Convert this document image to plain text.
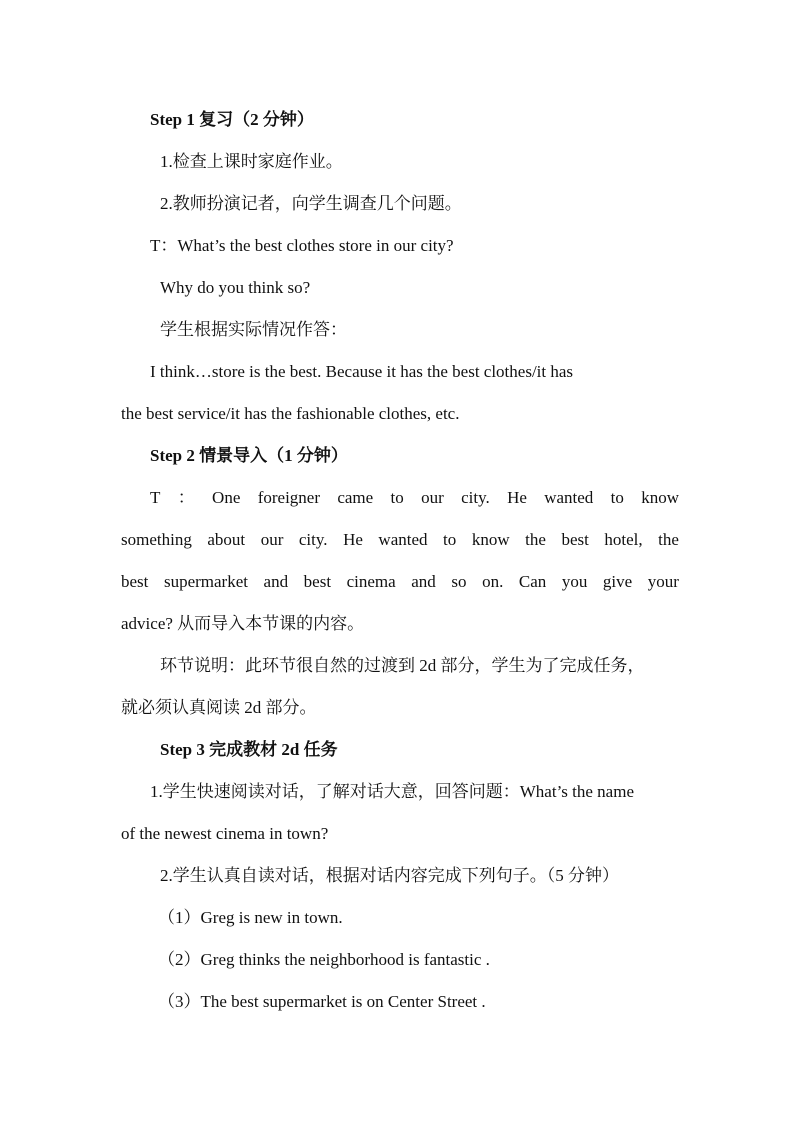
Step 1 复习（2 分钟）
1.检查上课时家庭作业。
2.教师扮演记者，向学生调查几个问题。
T：What’s the best clothes store in our city?
Why do you think so?
学生根据实际情况作答：
I think…store is the best. Because it has the best clothes/it has
the best service/it has the fashionable clothes, etc.
Step 2 情景导入（1 分钟）
T ： One foreigner came to our city. He wanted to know
something about our city. He wanted to know the best hotel, the
best supermarket and best cinema and so on. Can you give your
advice? 从而导入本节课的内容。
环节说明：此环节很自然的过渡到 2d 部分，学生为了完成任务，
就必须认真阅读 2d 部分。
Step 3 完成教材 2d 任务
1.学生快速阅读对话，了解对话大意，回答问题：What’s the name
of the newest cinema in town?
2.学生认真自读对话，根据对话内容完成下列句子。（5 分钟）
（1）Greg is new in town.
（2）Greg thinks the neighborhood is fantastic .
（3）The best supermarket is on Center Street .
